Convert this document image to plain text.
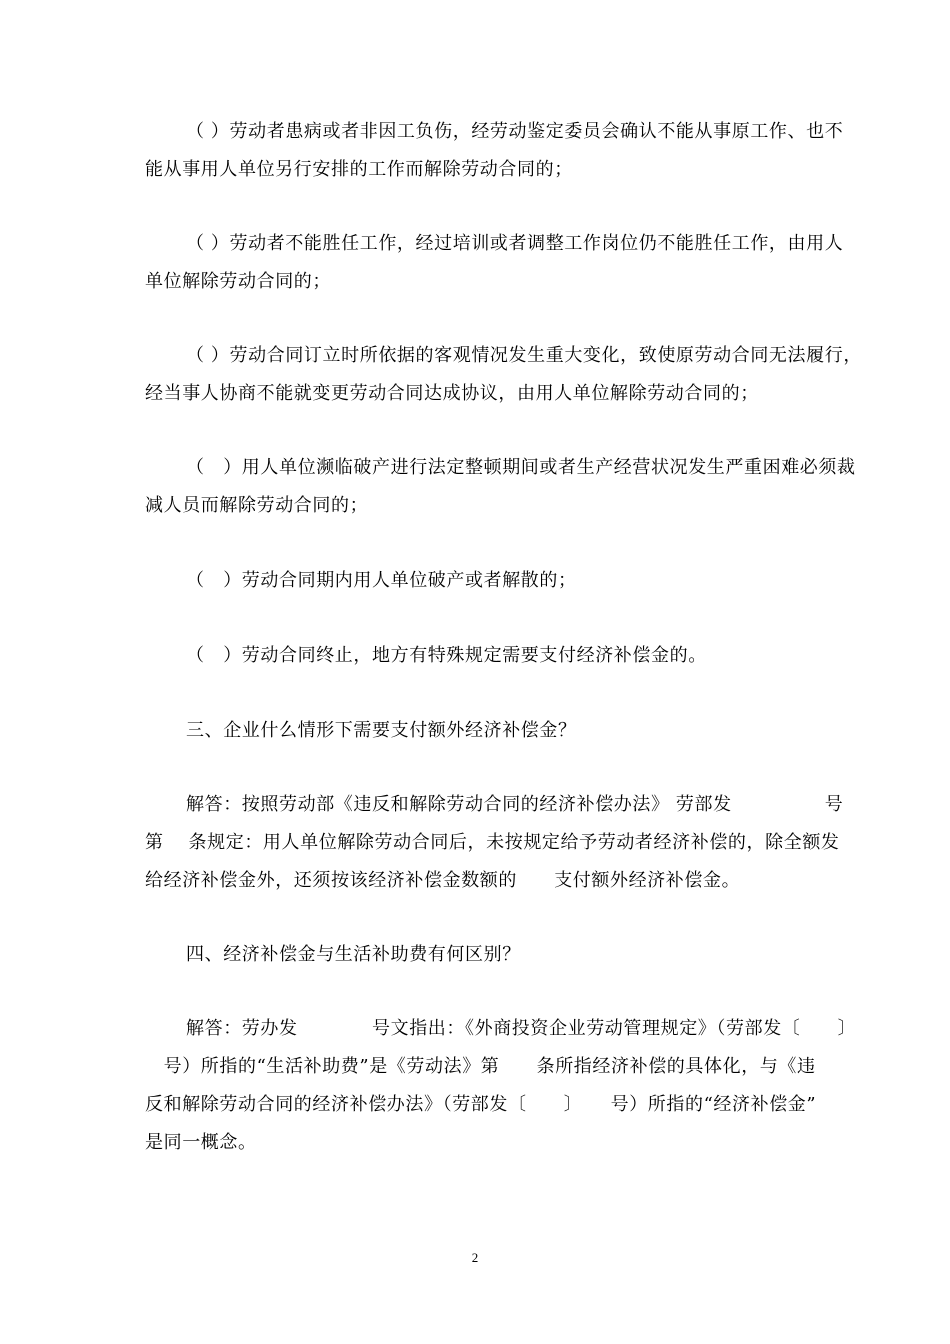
（ ）劳动者患病或者非因工负伤，经劳动鉴定委员会确认不能从事原工作、也不
能从事用人单位另行安排的工作而解除劳动合同的；
（ ）劳动者不能胜任工作，经过培训或者调整工作岗位仍不能胜任工作，由用人
单位解除劳动合同的；
（ ）劳动合同订立时所依据的客观情况发生重大变化，致使原劳动合同无法履行，
经当事人协商不能就变更劳动合同达成协议，由用人单位解除劳动合同的；
（　）用人单位濒临破产进行法定整顿期间或者生产经营状况发生严重困难必须裁
减人员而解除劳动合同的；
（　）劳动合同期内用人单位破产或者解散的；
（　）劳动合同终止，地方有特殊规定需要支付经济补偿金的。
三、企业什么情形下需要支付额外经济补偿金？
解答：按照劳动部《违反和解除劳动合同的经济补偿办法》 劳部发　　　　　号
第　 条规定：用人单位解除劳动合同后，未按规定给予劳动者经济补偿的，除全额发
给经济补偿金外，还须按该经济补偿金数额的　　支付额外经济补偿金。
四、经济补偿金与生活补助费有何区别？
解答：劳办发　　　　号文指出：《外商投资企业劳动管理规定》（劳部发〔　　〕
　号）所指的“生活补助费”是《劳动法》第　　条所指经济补偿的具体化，与《违
反和解除劳动合同的经济补偿办法》（劳部发〔　　〕　　号）所指的“经济补偿金”
是同一概念。
2
